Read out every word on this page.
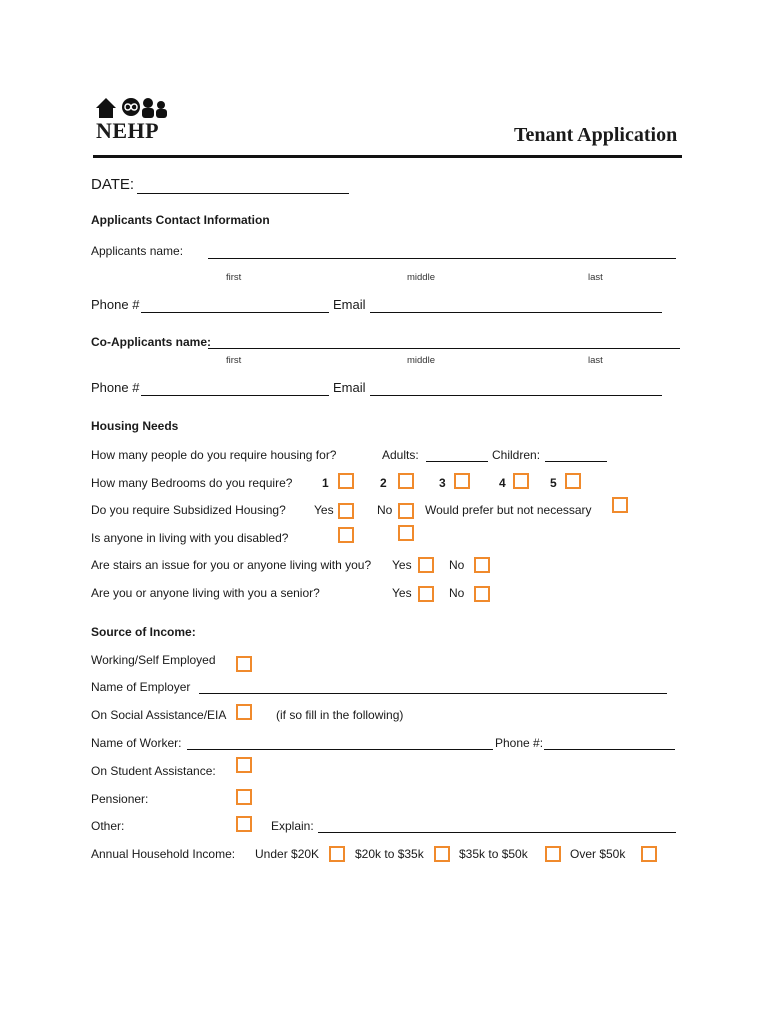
NEHP	Tenant Application
DATE:
Applicants Contact Information
Applicants name:
first	middle	last
Phone #	Email
Co-Applicants name:
first	middle	last
Phone #	Email
Housing Needs
How many people do you require housing for?	Adults:	Children:
How many Bedrooms do you require? 1	2	3	4	5
Do you require Subsidized Housing? Yes	No	Would prefer but not necessary
Is anyone in living with you disabled?
Are stairs an issue for you or anyone living with you? Yes	No
Are you or anyone living with you a senior?	Yes	No
Source of Income:
Working/Self Employed
Name of Employer
On Social Assistance/EIA	(if so fill in the following)
Name of Worker:	Phone #:
On Student Assistance:
Pensioner:
Other:	Explain:
Annual Household Income: Under $20K	$20k to $35k	$35k to $50k	Over $50k
